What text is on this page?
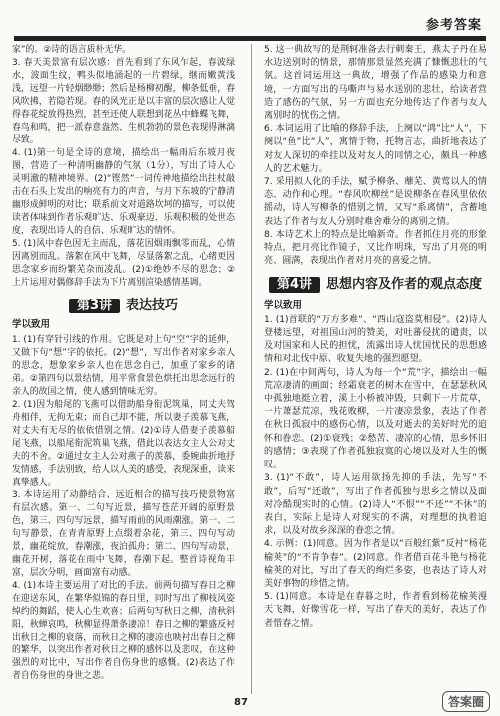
参考答案

家”的。②诗的语言质朴无华。

3. 春天美景富有层次感：首先看到了东风乍起，春波绿水，波面生纹，鸭头似地涌起的一片碧绿，继而嫩黄浅浅，远望一片轻烟缈缈；然后是杨柳初醒，柳条低垂，春风吹拂，若隐若现。春的风光正是以丰富的层次感让人觉得春花绽放得热烈，甚至还使人联想到花丛中蜂蝶飞舞，春鸟和鸣，把一派春意盎然、生机勃勃的景色表现得淋漓尽致。

4. (1)第一句是全诗的意境，描绘出一幅雨后东坡月夜图，营造了一种清明幽静的气氛（1分），写出了诗人心灵明澈的精神境界。(2)“铿然”一词传神地描绘出拄杖敲击在石头上发出的响亮有力的声音，与月下东坡的宁静清幽形成鲜明的对比；联系前文对道路坎坷的描写，可以使读者体味到作者乐观旷达、乐观豪迈、乐观积极的处世态度，表现出诗人的自信、乐观旷达的情怀。

5. (1)风中春色因无主而乱，落花因烟雨飘零而乱，心情因离别而乱。落絮在风中飞舞，尽显落絮之乱，心绪更因思念家乡而纷繁芜杂而凌乱。(2)①绝妙不尽的思念；②上片运用对偶修辞手法为下片离别渲染感情基调。

第3讲 表达技巧
学以致用

1. (1)有穿针引线的作用。它既是对上句“空”字的延伸，又做下句“想”字的依托。(2)“想”，写出作者对家乡亲人的思念，想象家乡亲人也在思念自己，加重了家乡的诸弟。②第四句以景结情，用平常食景色烘托出思念远行的亲人的故国之情，使人感到情味无穷。

2. (1)因为船尾的飞燕可以借助船身衔泥筑巢，同丈夫驾舟相伴，无拘无束；而自己却不能，所以妻子羡慕飞燕，对丈夫有无尽的依依惜别之情。(2)①诗人借妻子羡慕船尾飞燕，以船尾衔泥筑巢飞燕，借此以表达女主人公对丈夫的不舍。②通过女主人公对燕子的羡慕，委婉曲折地抒发情感，手法别致，给人以人美的感受，表现深重，读来真挚感人。

3. 本诗运用了动静结合、远近相合的描写技巧使景物富有层次感。第一、二句写近景，描写苍茫开阔的原野景色，第三、四句写远景，描写雨前的风雨潮涨。第一、二句写静景，在青青原野上点缀着杂花，第三、四句写动景，幽花绽放，春潮涨，夜泊孤舟；第二、四句写动景，幽花开树，落花在雨中飞舞，春潮下起。整首诗视角丰富，层次分明，画面富有动感。

4. (1)本诗主要运用了对比的手法。前两句描写春日之柳在迎送东风，在繁华似锦的春日里，同时写出了柳枝风姿绰约的舞蹈，使人心生欢喜；后两句写秋日之柳，清秋斜阳，秋蝉哀鸣，秋柳显得萧条凄凉！春日之柳的繁盛反衬出秋日之柳的衰落，而秋日之柳的凄凉也映衬出春日之柳的繁华，以突出作者对秋日之柳的感怀以及悲叹，在这种强烈的对比中，写出作者自伤身世的感慨。(2)表达了作者自伤身世的身世之悲。

5. 这一典故写的是荆轲准备去行刺秦王，燕太子丹在易水边送别时的情景，那情那景显然充满了慷慨悲壮的气氛。这首词运用这一典故，增强了作品的感染力和意境，一方面写出的马嘶声与易水送别的悲壮，给读者营造了感伤的气氛，另一方面也充分地传达了作者与友人离别时的忧伤之情。

6. 本词运用了比喻的修辞手法，上阕以“鸿”比“人”，下阕以“鱼”比“人”，寓情于物，托物言志，曲折地表达了对友人深切的牵挂以及对友人的同情之心，颇具一种感人的艺术魅力。

7. 采用拟人化的手法，赋予柳条、蘼芜、黄莺以人的情态、动作和心理。“春风吹柳丝”是说柳条在春风里依依摇动，诗人写柳条的惜别之情，又写“系离情”，含蓄地表达了作者与友人分别时难舍难分的离别之情。

8. 本诗艺术上的特点是比喻新奇。作者抓住月亮的形象特点，把月亮比作镜子，又比作明珠，写出了月亮的明亮、圆满，表现出作者对月亮的喜爱之情。

第4讲 思想内容及作者的观点态度
学以致用

1. (1)首联的“万方多难”、“西山寇盗莫相侵”。(2)诗人登楼远望，对祖国山河的赞美，对吐蕃侵扰的谴责，以及对国家和人民的担忧，流露出诗人忧国忧民的思想感情和对北伐中原、收复失地的强烈愿望。

2. (1)在中间两句，诗人为每一个“荒”字，描绘出一幅荒凉凄清的画面；经霜衰老的树木在雪中，在瑟瑟秋风中孤独地挺立着，溪上小桥被冲毁，只剩下一片荒草，一片萧瑟荒凉，残花败柳，一片凄凉景象，表达了作者在秋日孤寂中的感伤心情，以及对逝去的美好时光的追怀和眷恋。(2)①衰残；②愁苦、凄凉的心情，思乡怀旧的感情；③表现了作者孤独寂寞的心境以及对人生的慨叹。

3. (1)“不敢”，诗人运用欲扬先抑的手法，先写“不敢”，后写“还敢”，写出了作者孤独与思乡之情以及面对冷酷现实时的心情。(2)诗人“不恨”“不还”“不休”的表白，实际上是诗人对现实的不满，对理想的执着追求，以及对故乡深深的眷恋之情。

4. 示例：(1)同意。因为作者是以“百般红紫”反衬“杨花榆荚”的“不肯争春”。(2)同意。作者借百花斗艳与杨花榆荚的对比，写出了春天的绚烂多姿，也表达了诗人对美好事物的珍惜之情。

5. (1)同意。本诗是在春暮之时，作者看到杨花榆荚漫天飞舞，好像雪花一样，写出了春天的美好，表达了作者惜春之情。

87	答案圈
